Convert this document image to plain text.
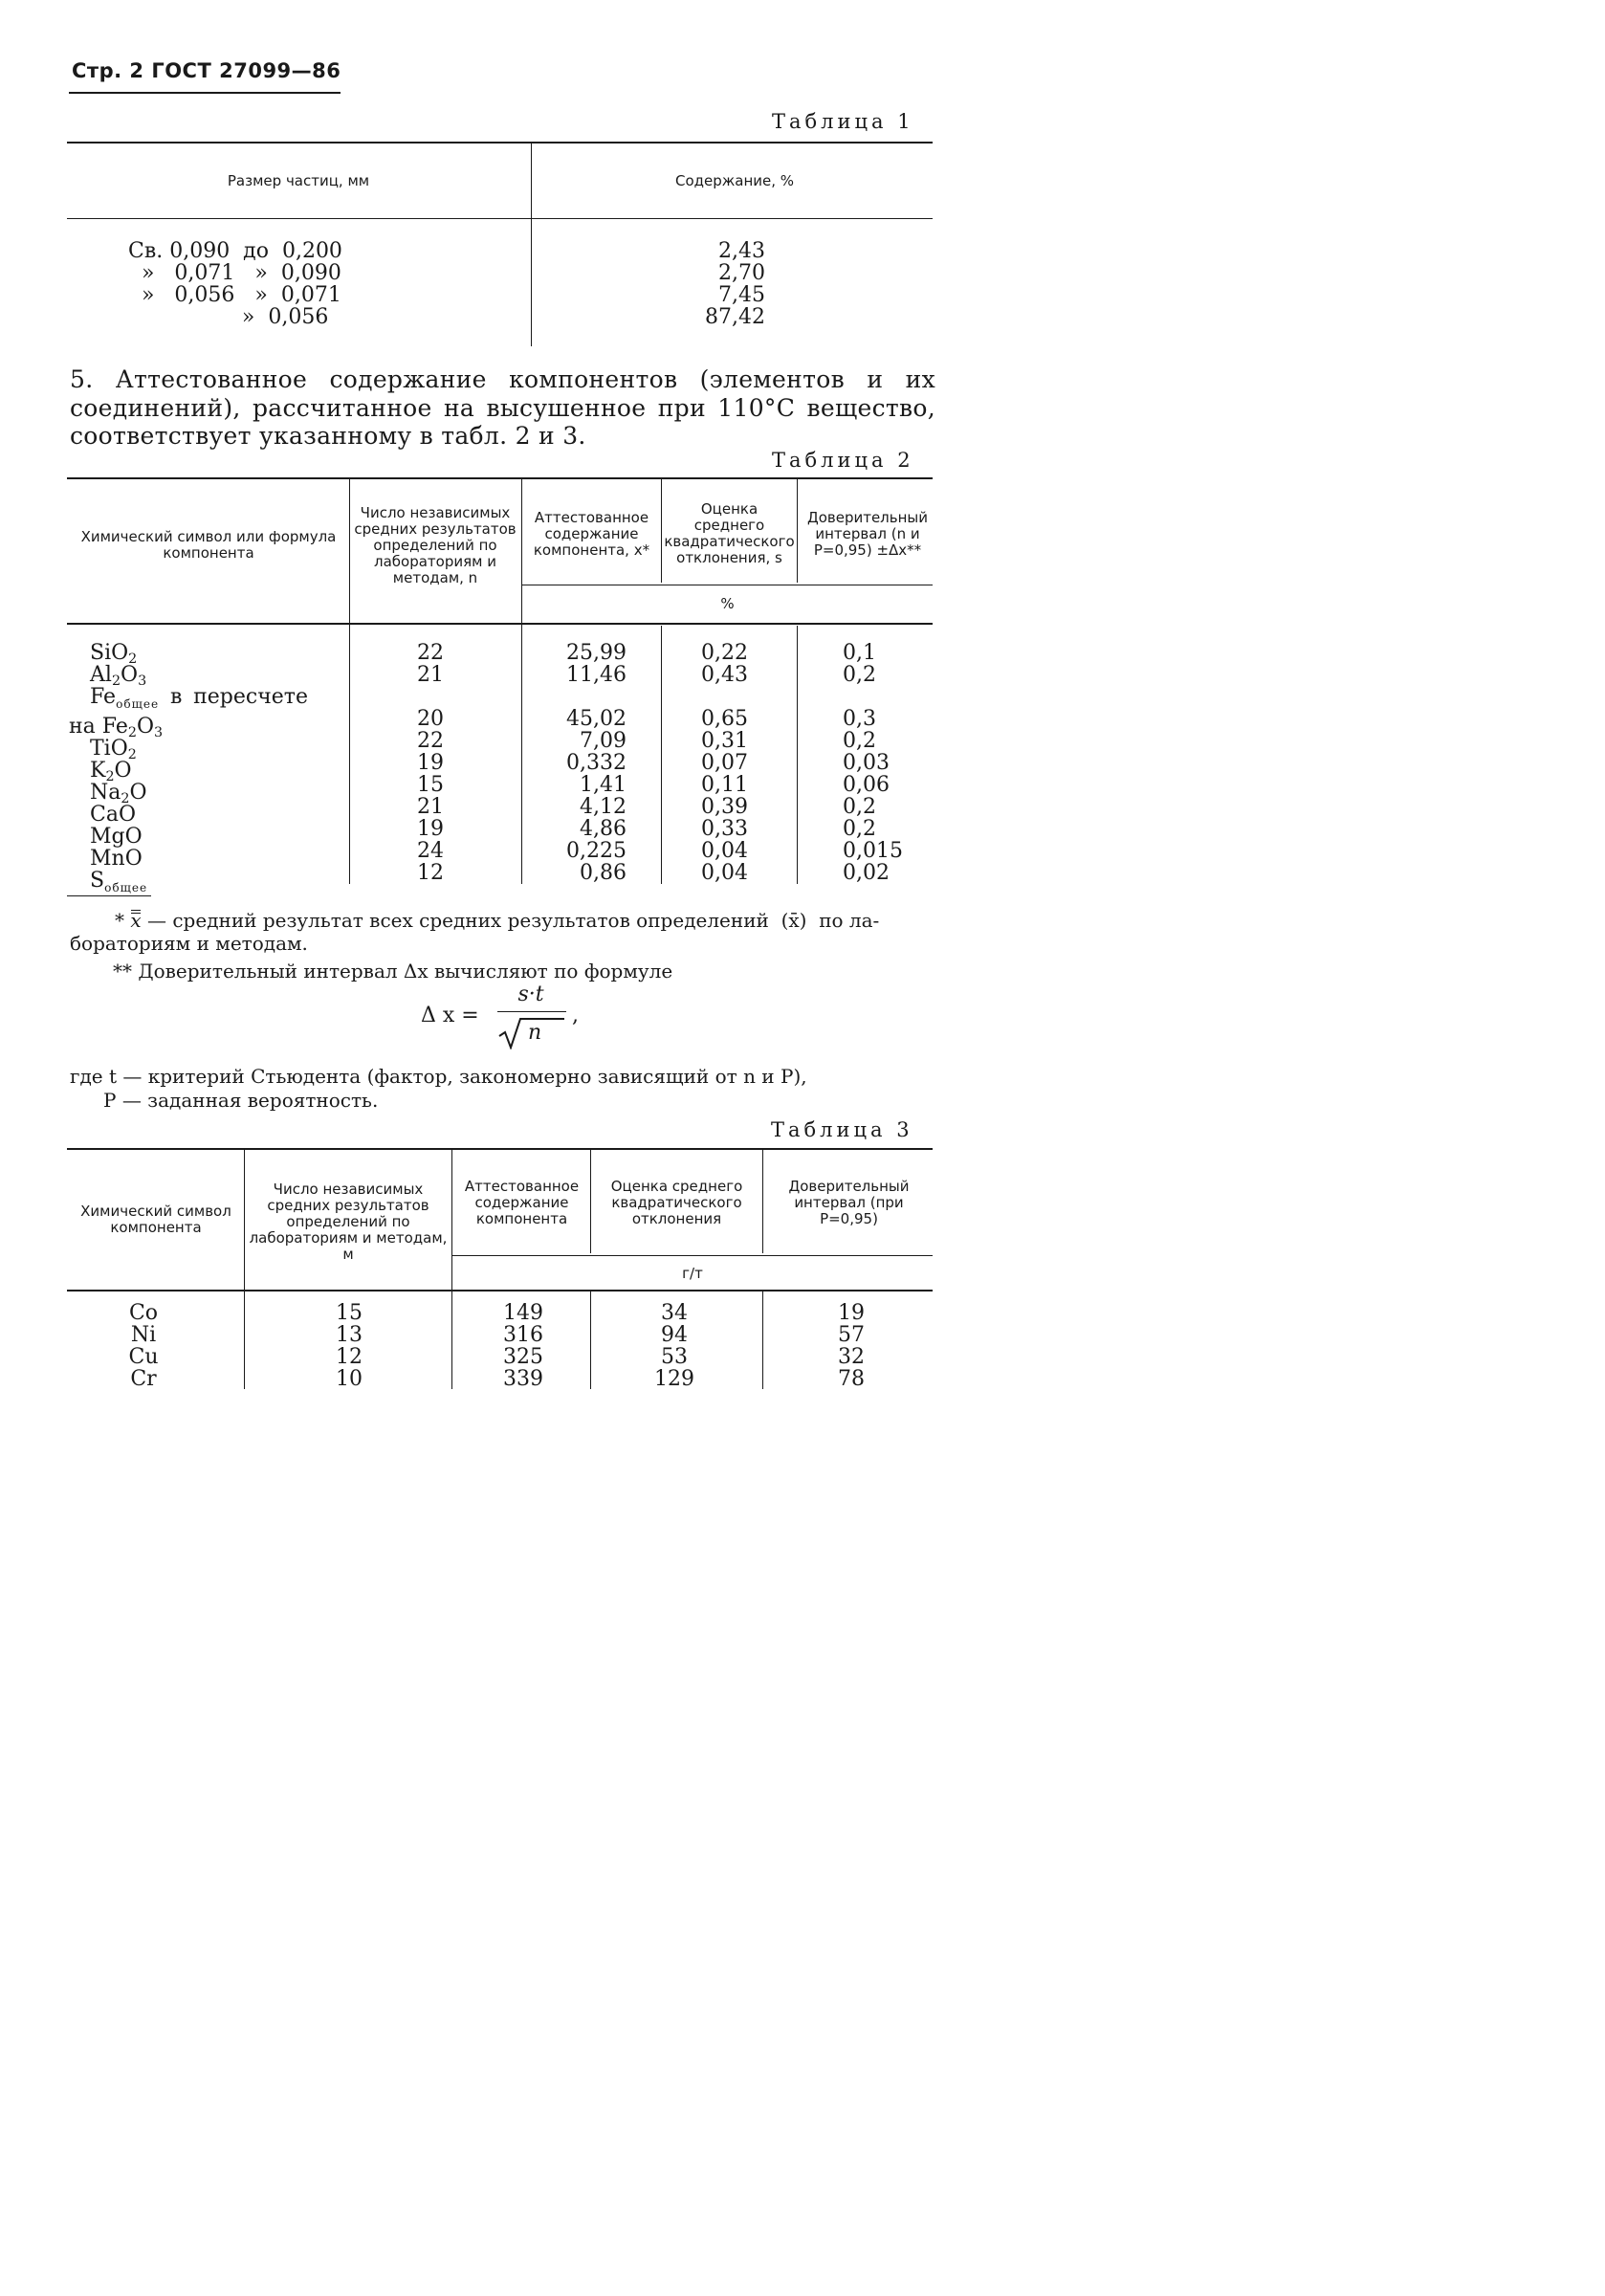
Стр. 2 ГОСТ 27099—86
Таблица 1
Размер частиц, мм	Содержание, %
Св. 0,090  до  0,200
»   0,071   »  0,090
»   0,056   »  0,071
»  0,056
2,43
2,70
7,45
87,42
5. Аттестованное содержание компонентов (элементов и их соединений), рассчитанное на высушенное при 110°С вещество, соответствует указанному в табл. 2 и 3.
Таблица 2
Химический символ или формула компонента
Число независимых средних результатов определений по лабораториям и методам, n
Аттестованное содержание компонента, x*
Оценка среднего квадратического отклонения, s
Доверительный интервал (n и P=0,95) ±Δx**
%
SiO$_2$
$Al_2O_3$
$Fe_{общее}$ в пересчете
на $Fe_2O_3$
TiO$_2$
$K_2O$
$Na_2O$
CaO
MgO
MnO
$S_{общее}$
22
21

20
22
19
15
21
19
24
12
25,99
11,46

45,02
7,09
0,332
1,41
4,12
4,86
0,225
0,86
0,22
0,43

0,65
0,31
0,07
0,11
0,39
0,33
0,04
0,04
0,1
0,2

0,3
0,2
0,03
0,06
0,2
0,2
0,015
0,02
* x — средний результат всех средних результатов определений  (x̄)  по ла-
бораториям и методам.
** Доверительный интервал Δx вычисляют по формуле
Δ x =
s·t
n
,
где t — критерий Стьюдента (фактор, закономерно зависящий от n и P),
P — заданная вероятность.
Таблица 3
Химический символ компонента
Число независимых средних результатов определений по лабораториям и методам, м
Аттестованное содержание компонента
Оценка среднего квадратического отклонения
Доверительный интервал (при P=0,95)
г/т
Co
Ni
Cu
Cr
15
13
12
10
149
316
325
339
34
94
53
129
19
57
32
78
